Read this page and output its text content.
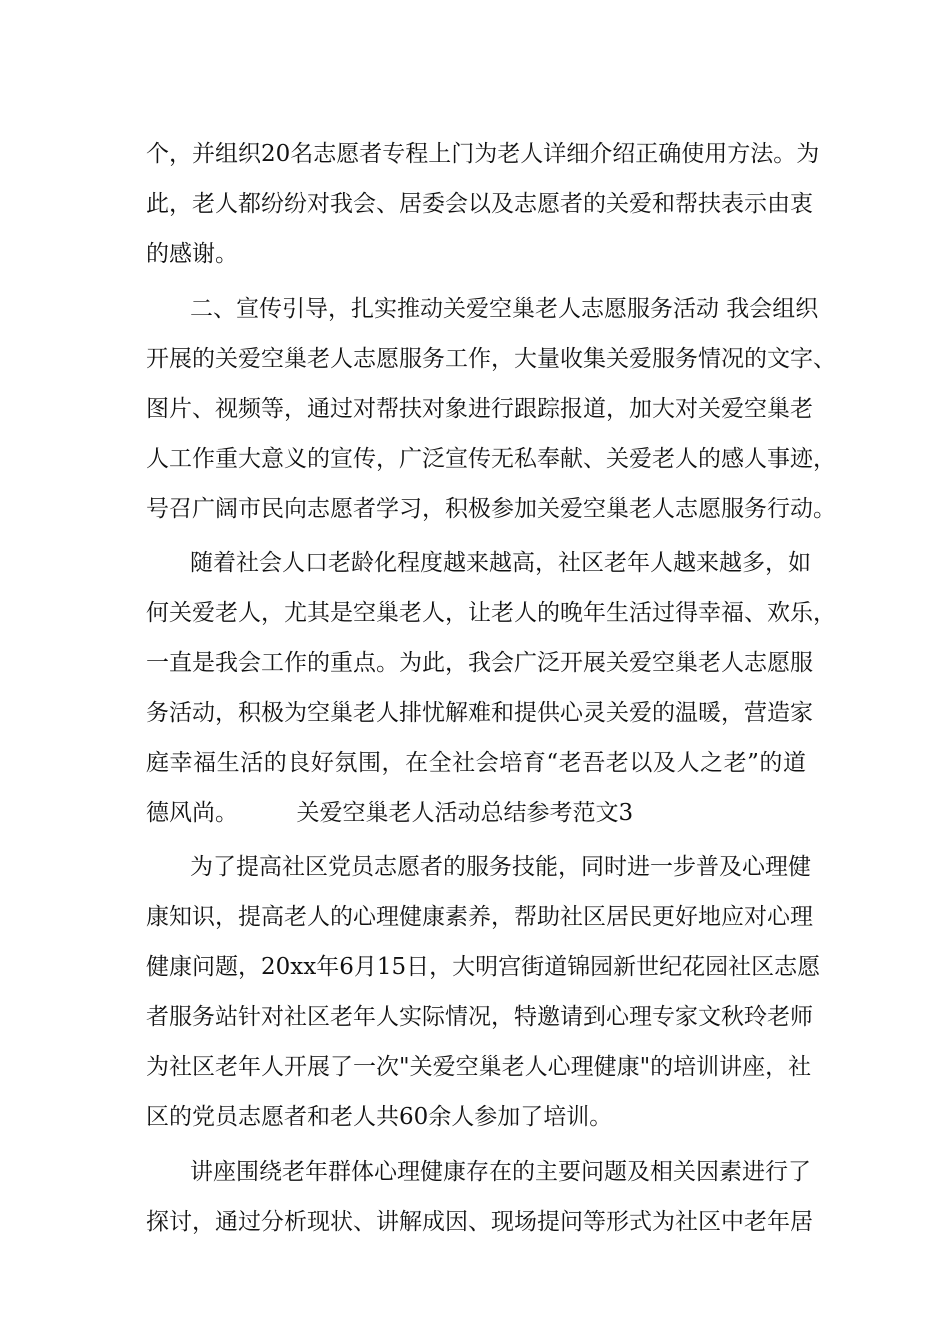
个，并组织20名志愿者专程上门为老人详细介绍正确使用方法。为
此，老人都纷纷对我会、居委会以及志愿者的关爱和帮扶表示由衷
的感谢。
二、宣传引导，扎实推动关爱空巢老人志愿服务活动 我会组织
开展的关爱空巢老人志愿服务工作，大量收集关爱服务情况的文字、
图片、视频等，通过对帮扶对象进行跟踪报道，加大对关爱空巢老
人工作重大意义的宣传，广泛宣传无私奉献、关爱老人的感人事迹，
号召广阔市民向志愿者学习，积极参加关爱空巢老人志愿服务行动。
随着社会人口老龄化程度越来越高，社区老年人越来越多，如
何关爱老人，尤其是空巢老人，让老人的晚年生活过得幸福、欢乐，
一直是我会工作的重点。为此，我会广泛开展关爱空巢老人志愿服
务活动，积极为空巢老人排忧解难和提供心灵关爱的温暖，营造家
庭幸福生活的良好氛围，在全社会培育“老吾老以及人之老”的道
德风尚。        关爱空巢老人活动总结参考范文3
为了提高社区党员志愿者的服务技能，同时进一步普及心理健
康知识，提高老人的心理健康素养，帮助社区居民更好地应对心理
健康问题，20xx年6月15日，大明宫街道锦园新世纪花园社区志愿
者服务站针对社区老年人实际情况，特邀请到心理专家文秋玲老师
为社区老年人开展了一次"关爱空巢老人心理健康"的培训讲座，社
区的党员志愿者和老人共60余人参加了培训。
讲座围绕老年群体心理健康存在的主要问题及相关因素进行了
探讨，通过分析现状、讲解成因、现场提问等形式为社区中老年居
